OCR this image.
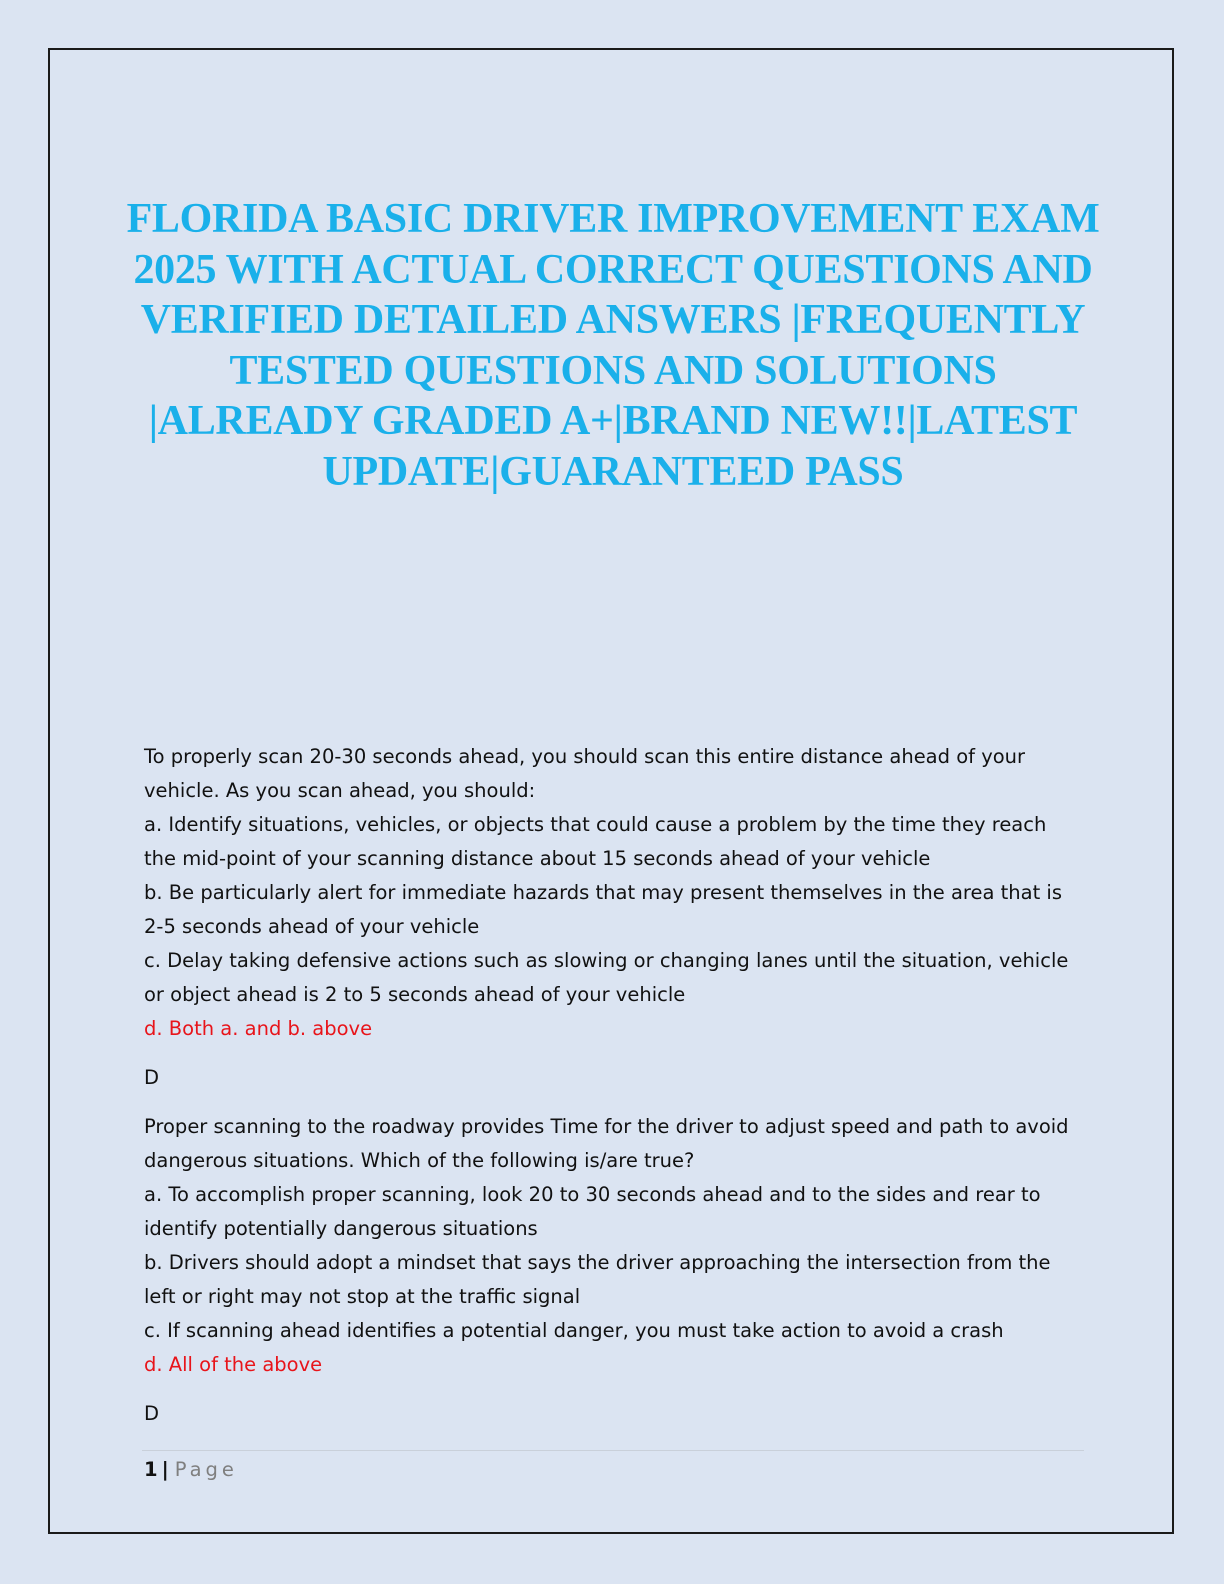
FLORIDA BASIC DRIVER IMPROVEMENT EXAM 2025 WITH ACTUAL CORRECT QUESTIONS AND VERIFIED DETAILED ANSWERS |FREQUENTLY TESTED QUESTIONS AND SOLUTIONS |ALREADY GRADED A+|BRAND NEW!!|LATEST UPDATE|GUARANTEED PASS

To properly scan 20-30 seconds ahead, you should scan this entire distance ahead of your vehicle. As you scan ahead, you should:

a. Identify situations, vehicles, or objects that could cause a problem by the time they reach the mid-point of your scanning distance about 15 seconds ahead of your vehicle

b. Be particularly alert for immediate hazards that may present themselves in the area that is 2-5 seconds ahead of your vehicle

c. Delay taking defensive actions such as slowing or changing lanes until the situation, vehicle or object ahead is 2 to 5 seconds ahead of your vehicle

d. Both a. and b. above

D

Proper scanning to the roadway provides Time for the driver to adjust speed and path to avoid dangerous situations. Which of the following is/are true?

a. To accomplish proper scanning, look 20 to 30 seconds ahead and to the sides and rear to identify potentially dangerous situations

b. Drivers should adopt a mindset that says the driver approaching the intersection from the left or right may not stop at the traffic signal

c. If scanning ahead identifies a potential danger, you must take action to avoid a crash

d. All of the above

D

1 | Page
